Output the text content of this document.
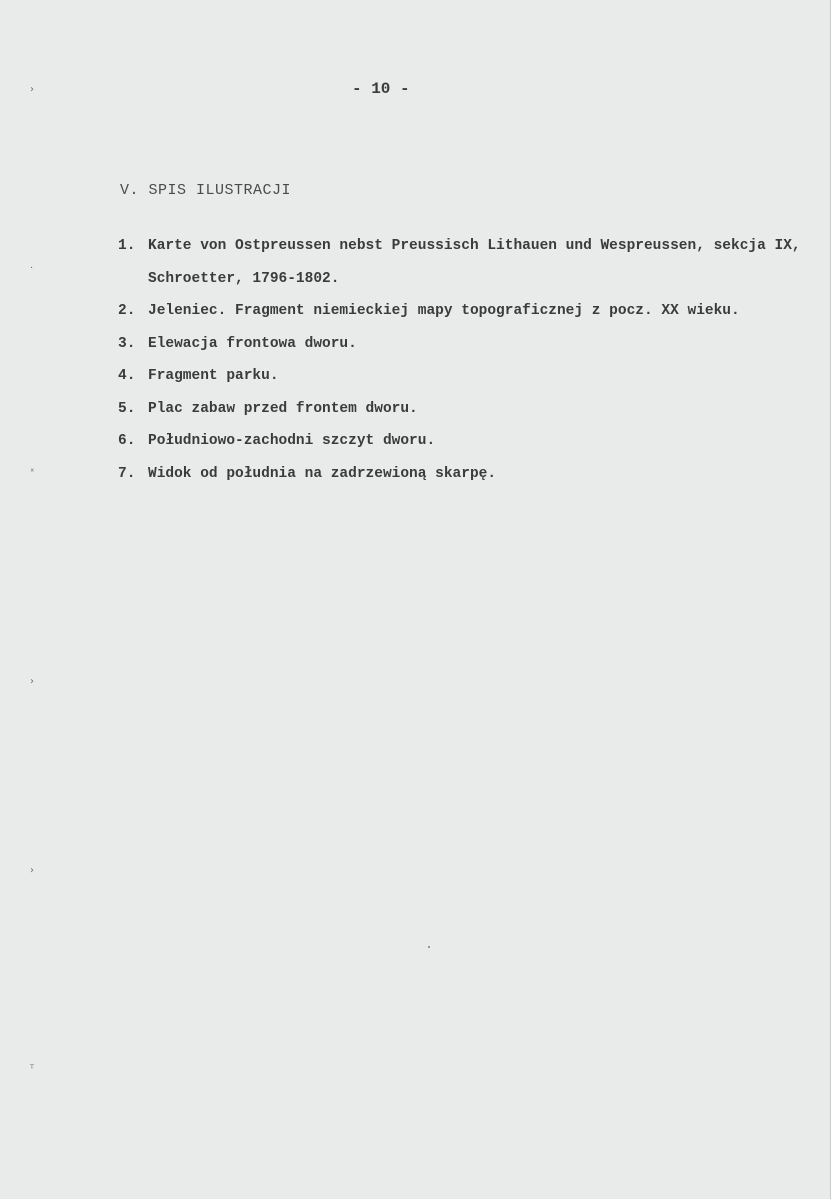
›
·
ˣ
›
›
ᵀ
- 10 -
V. SPIS ILUSTRACJI
1. Karte von Ostpreussen nebst Preussisch Lithauen und Wespreussen, sekcja IX, Schroetter, 1796-1802.
2. Jeleniec. Fragment niemieckiej mapy topograficznej z pocz. XX wieku.
3. Elewacja frontowa dworu.
4. Fragment parku.
5. Plac zabaw przed frontem dworu.
6. Południowo-zachodni szczyt dworu.
7. Widok od południa na zadrzewioną skarpę.
